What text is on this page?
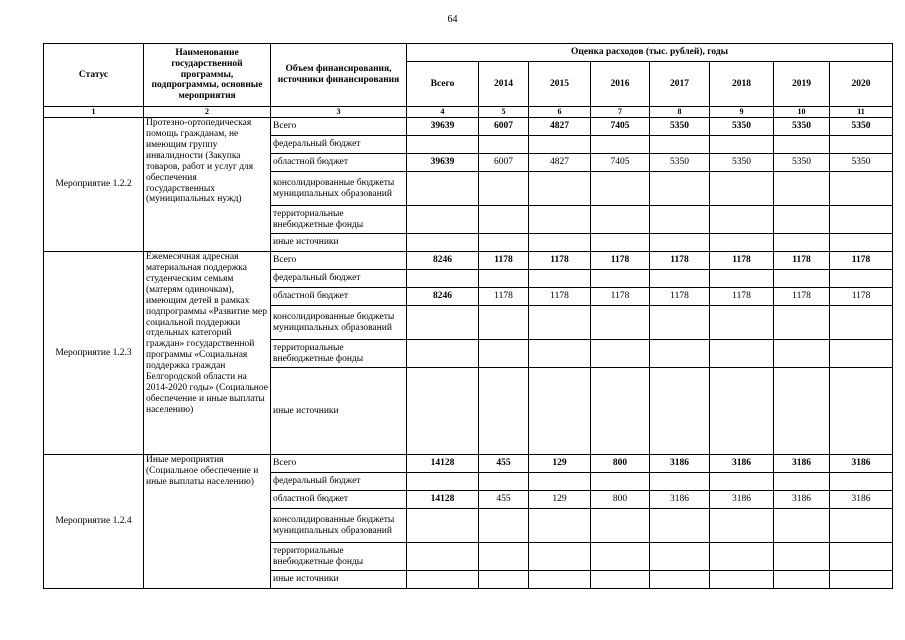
64
Статус	Наименование государственной программы, подпрограммы, основные мероприятия	Объем финансирования, источники финансирования	Оценка расходов (тыс. рублей), годы							
			Всего	2014	2015	2016	2017	2018	2019	2020
1	2	3	4	5	6	7	8	9	10	11
Мероприятие 1.2.2	Протезно-ортопедическая помощь гражданам, не имеющим группу инвалидности (Закупка товаров, работ и услуг для обеспечения государственных (муниципальных нужд)	Всего	39639	6007	4827	7405	5350	5350	5350	5350
		федеральный бюджет								
		областной бюджет	39639	6007	4827	7405	5350	5350	5350	5350
		консолидированные бюджеты муниципальных образований								
		территориальные внебюджетные фонды								
		иные источники								
Мероприятие 1.2.3	Ежемесячная адресная материальная поддержка студенческим семьям (матерям одиночкам), имеющим детей в рамках подпрограммы «Развитие мер социальной поддержки отдельных категорий граждан» государственной программы «Социальная поддержка граждан Белгородской области на 2014-2020 годы» (Социальное обеспечение и иные выплаты населению)	Всего	8246	1178	1178	1178	1178	1178	1178	1178
		федеральный бюджет								
		областной бюджет	8246	1178	1178	1178	1178	1178	1178	1178
		консолидированные бюджеты муниципальных образований								
		территориальные внебюджетные фонды								
		иные источники								
Мероприятие 1.2.4	Иные мероприятия (Социальное обеспечение и иные выплаты населению)	Всего	14128	455	129	800	3186	3186	3186	3186
		федеральный бюджет								
		областной бюджет	14128	455	129	800	3186	3186	3186	3186
		консолидированные бюджеты муниципальных образований								
		территориальные внебюджетные фонды								
		иные источники								
